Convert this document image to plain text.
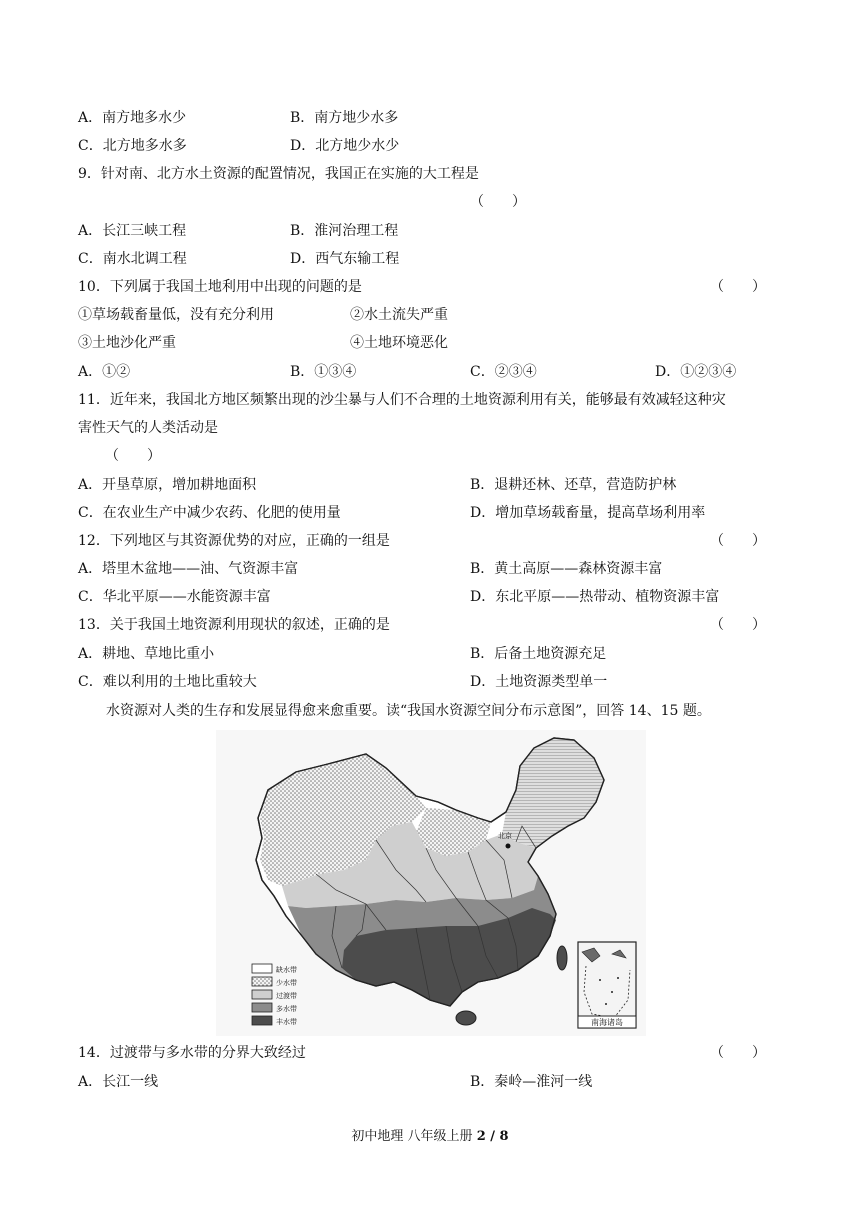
A．南方地多水少	B．南方地少水多
C．北方地多水多	D．北方地少水少
9．针对南、北方水土资源的配置情况，我国正在实施的大工程是
（　　）
A．长江三峡工程	B．淮河治理工程
C．南水北调工程	D．西气东输工程
10．下列属于我国土地利用中出现的问题的是	（　　）
①草场载畜量低，没有充分利用	②水土流失严重
③土地沙化严重	④土地环境恶化
A．①②	B．①③④	C．②③④	D．①②③④
11．近年来，我国北方地区频繁出现的沙尘暴与人们不合理的土地资源利用有关，能够最有效减轻这种灾
害性天气的人类活动是
（　　）
A．开垦草原，增加耕地面积	B．退耕还林、还草，营造防护林
C．在农业生产中减少农药、化肥的使用量	D．增加草场载畜量，提高草场利用率
12．下列地区与其资源优势的对应，正确的一组是	（　　）
A．塔里木盆地——油、气资源丰富	B．黄土高原——森林资源丰富
C．华北平原——水能资源丰富	D．东北平原——热带动、植物资源丰富
13．关于我国土地资源利用现状的叙述，正确的是	（　　）
A．耕地、草地比重小	B．后备土地资源充足
C．难以利用的土地比重较大	D．土地资源类型单一
水资源对人类的生存和发展显得愈来愈重要。读“我国水资源空间分布示意图”，回答 14、15 题。
北京
缺水带
少水带
过渡带
多水带
丰水带	南海诸岛
14．过渡带与多水带的分界大致经过	（　　）
A．长江一线	B．秦岭—淮河一线
初中地理 八年级上册 2 / 8
